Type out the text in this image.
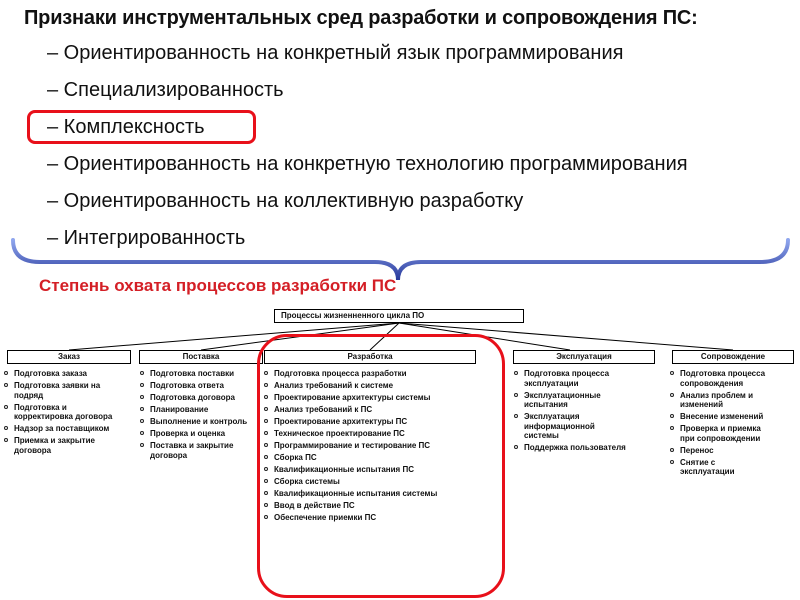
Признаки инструментальных сред разработки и сопровождения ПС:
– Ориентированность на конкретный язык программирования
– Специализированность
– Комплексность
– Ориентированность на конкретную технологию программирования
– Ориентированность на коллективную разработку
– Интегрированность
Степень охвата процессов разработки ПС
Процессы жизненненного цикла ПО
Заказ	Поставка	Разработка	Эксплуатация	Сопровождение
Подготовка заказа
Подготовка заявки на подряд
Подготовка и корректировка договора
Надзор за поставщиком
Приемка и закрытие договора
Подготовка поставки
Подготовка ответа
Подготовка договора
Планирование
Выполнение и контроль
Проверка и оценка
Поставка и закрытие договора
Подготовка процесса разработки
Анализ требований к системе
Проектирование архитектуры системы
Анализ требований к ПС
Проектирование архитектуры ПС
Техническое проектирование ПС
Программирование и тестирование ПС
Сборка ПС
Квалификационные испытания ПС
Сборка системы
Квалификационные испытания системы
Ввод в действие ПС
Обеспечение приемки ПС
Подготовка процесса эксплуатации
Эксплуатационные испытания
Эксплуатация информационной системы
Поддержка пользователя
Подготовка процесса сопровождения
Анализ проблем и изменений
Внесение изменений
Проверка и приемка при сопровождении
Перенос
Снятие с эксплуатации
